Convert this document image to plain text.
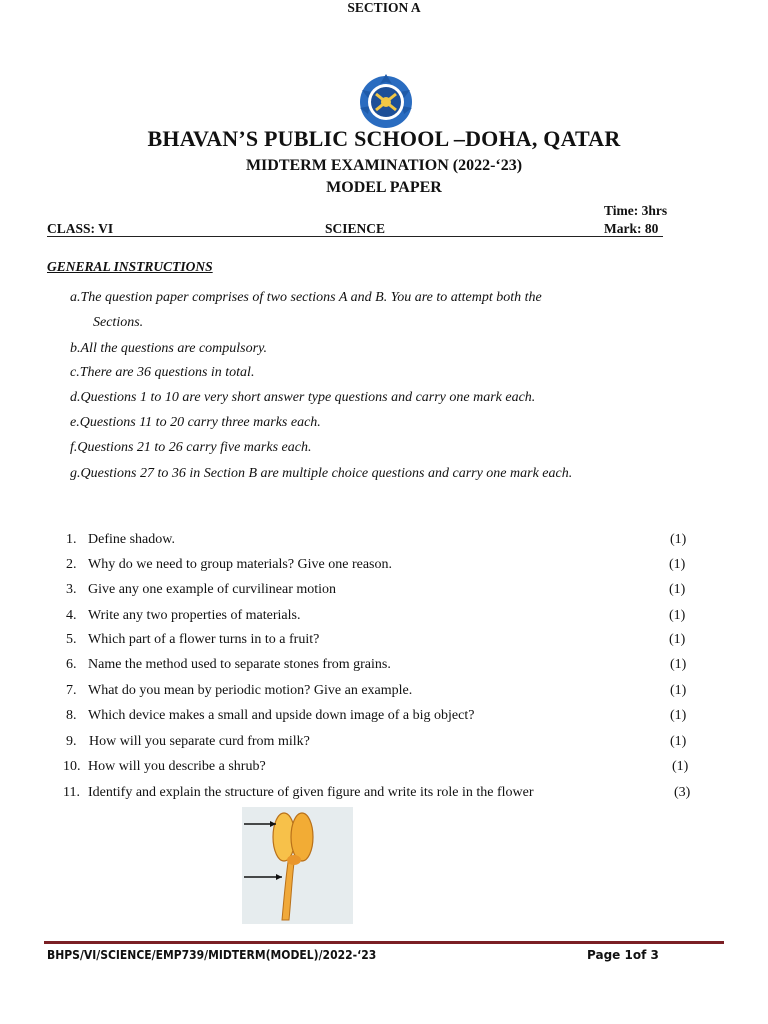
BHAVAN’S PUBLIC SCHOOL –DOHA, QATAR
MIDTERM EXAMINATION (2022-‘23)
MODEL PAPER
Time: 3hrs
CLASS: VI	SCIENCE	Mark: 80
GENERAL INSTRUCTIONS
a.The question paper comprises of two sections A and B. You are to attempt both the
Sections.
b.All the questions are compulsory.
c.There are 36 questions in total.
d.Questions 1 to 10 are very short answer type questions and carry one mark each.
e.Questions 11 to 20 carry three marks each.
f.Questions 21 to 26 carry five marks each.
g.Questions 27 to 36 in Section B are multiple choice questions and carry one mark each.
SECTION A
1. Define shadow.	(1)
2. Why do we need to group materials? Give one reason.	(1)
3. Give any one example of curvilinear motion	(1)
4. Write any two properties of materials.	(1)
5. Which part of a flower turns in to a fruit?	(1)
6. Name the method used to separate stones from grains.	(1)
7. What do you mean by periodic motion? Give an example.	(1)
8. Which device makes a small and upside down image of a big object?	(1)
9. How will you separate curd from milk?	(1)
10. How will you describe a shrub?	(1)
11. Identify and explain the structure of given figure and write its role in the flower	(3)
BHPS/VI/SCIENCE/EMP739/MIDTERM(MODEL)/2022-‘23	Page 1of 3
